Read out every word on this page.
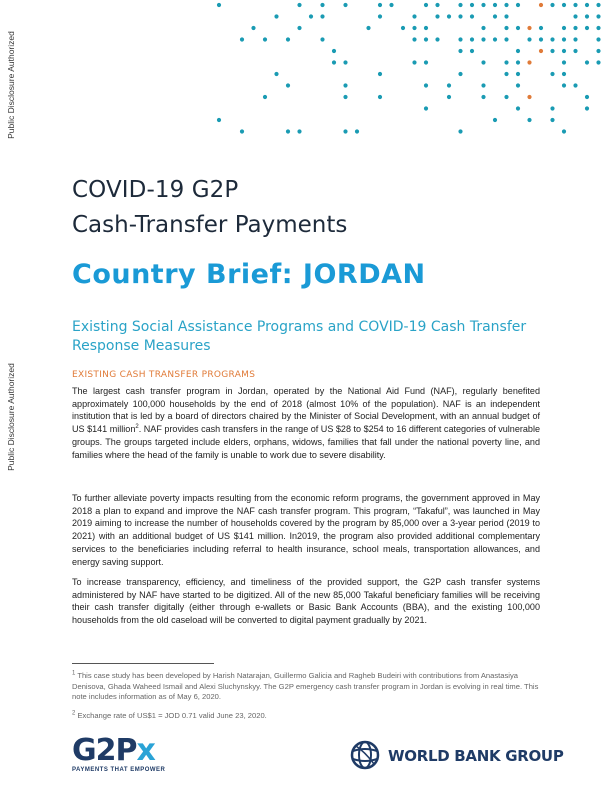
Public Disclosure Authorized
Public Disclosure Authorized
COVID-19 G2P
Cash-Transfer Payments
Country Brief: JORDAN
Existing Social Assistance Programs and COVID-19 Cash Transfer Response Measures
EXISTING CASH TRANSFER PROGRAMS
The largest cash transfer program in Jordan, operated by the National Aid Fund (NAF), regularly benefited approximately 100,000 households by the end of 2018 (almost 10% of the population). NAF is an independent institution that is led by a board of directors chaired by the Minister of Social Development, with an annual budget of US $141 million$^2$. NAF provides cash transfers in the range of US $28 to $254 to 16 different categories of vulnerable groups. The groups targeted include elders, orphans, widows, families that fall under the national poverty line, and families where the head of the family is unable to work due to severe disability.
To further alleviate poverty impacts resulting from the economic reform programs, the government approved in May 2018 a plan to expand and improve the NAF cash transfer program. This program, “Takaful”, was launched in May 2019 aiming to increase the number of households covered by the program by 85,000 over a 3-year period (2019 to 2021) with an additional budget of US $141 million. In2019, the program also provided additional complementary services to the beneficiaries including referral to health insurance, school meals, transportation allowances, and energy saving support.
To increase transparency, efficiency, and timeliness of the provided support, the G2P cash transfer systems administered by NAF have started to be digitized. All of the new 85,000 Takaful beneficiary families will be receiving their cash transfer digitally (either through e-wallets or Basic Bank Accounts (BBA), and the existing 100,000 households from the old caseload will be converted to digital payment gradually by 2021.
$^1$ This case study has been developed by Harish Natarajan, Guillermo Galicia and Ragheb Budeiri with contributions from Anastasiya Denisova, Ghada Waheed Ismail and Alexi Sluchynskyy. The G2P emergency cash transfer program in Jordan is evolving in real time. This note includes information as of May 6, 2020.
$^2$ Exchange rate of US$1 = JOD 0.71 valid June 23, 2020.
G2Px
PAYMENTS THAT EMPOWER
WORLD BANK GROUP
